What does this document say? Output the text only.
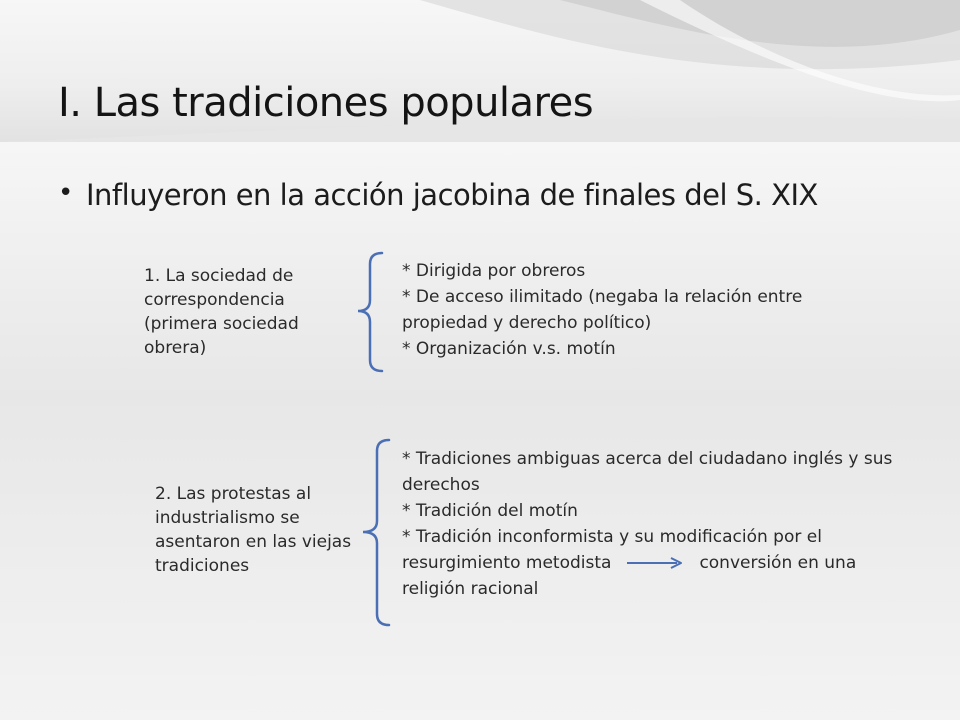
I. Las tradiciones populares
• Influyeron en la acción jacobina de finales del S. XIX
1. La sociedad de correspondencia (primera sociedad obrera)

* Dirigida por obreros

* De acceso ilimitado (negaba la relación entre propiedad y derecho político)

* Organización v.s. motín

2. Las protestas al industrialismo se asentaron en las viejas tradiciones

* Tradiciones ambiguas acerca del ciudadano inglés y sus derechos

* Tradición del motín

* Tradición inconformista y su modificación por el resurgimiento metodista	conversión en una religión racional
